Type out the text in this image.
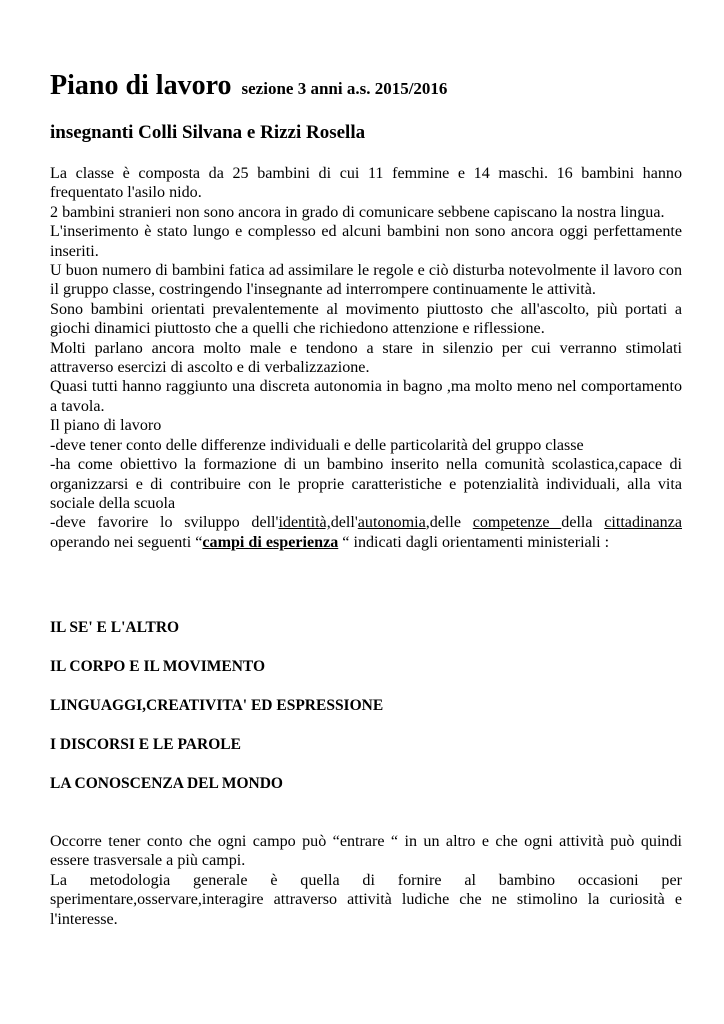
Piano di lavoro sezione 3 anni a.s. 2015/2016
insegnanti Colli Silvana e Rizzi Rosella

La classe è composta da 25 bambini di cui 11 femmine e 14 maschi. 16 bambini hanno frequentato l'asilo nido.

2 bambini stranieri non sono ancora in grado di comunicare sebbene capiscano la nostra lingua.

L'inserimento è stato lungo e complesso ed alcuni bambini non sono ancora oggi perfettamente inseriti.

U buon numero di bambini fatica ad assimilare le regole e ciò disturba notevolmente il lavoro con il gruppo classe, costringendo l'insegnante ad interrompere continuamente le attività.

Sono bambini orientati prevalentemente al movimento piuttosto che all'ascolto, più portati a giochi dinamici piuttosto che a quelli che richiedono attenzione e riflessione.

Molti parlano ancora molto male e tendono a stare in silenzio per cui verranno stimolati attraverso esercizi di ascolto e di verbalizzazione.

Quasi tutti hanno raggiunto una discreta autonomia in bagno ,ma molto meno nel comportamento a tavola.

Il piano di lavoro

-deve tener conto delle differenze individuali e delle particolarità del gruppo classe

-ha come obiettivo la formazione di un bambino inserito nella comunità scolastica,capace di organizzarsi e di contribuire con le proprie caratteristiche e potenzialità individuali, alla vita sociale della scuola

-deve favorire lo sviluppo dell'identità,dell'autonomia,delle competenze della cittadinanza operando nei seguenti “campi di esperienza “ indicati dagli orientamenti ministeriali :

IL SE' E L'ALTRO
IL CORPO E IL MOVIMENTO
LINGUAGGI,CREATIVITA' ED ESPRESSIONE
I DISCORSI E LE PAROLE
LA CONOSCENZA DEL MONDO

Occorre tener conto che ogni campo può “entrare “ in un altro e che ogni attività può quindi essere trasversale a più campi.

La metodologia generale è quella di fornire al bambino occasioni per sperimentare,osservare,interagire attraverso attività ludiche che ne stimolino la curiosità e l'interesse.
